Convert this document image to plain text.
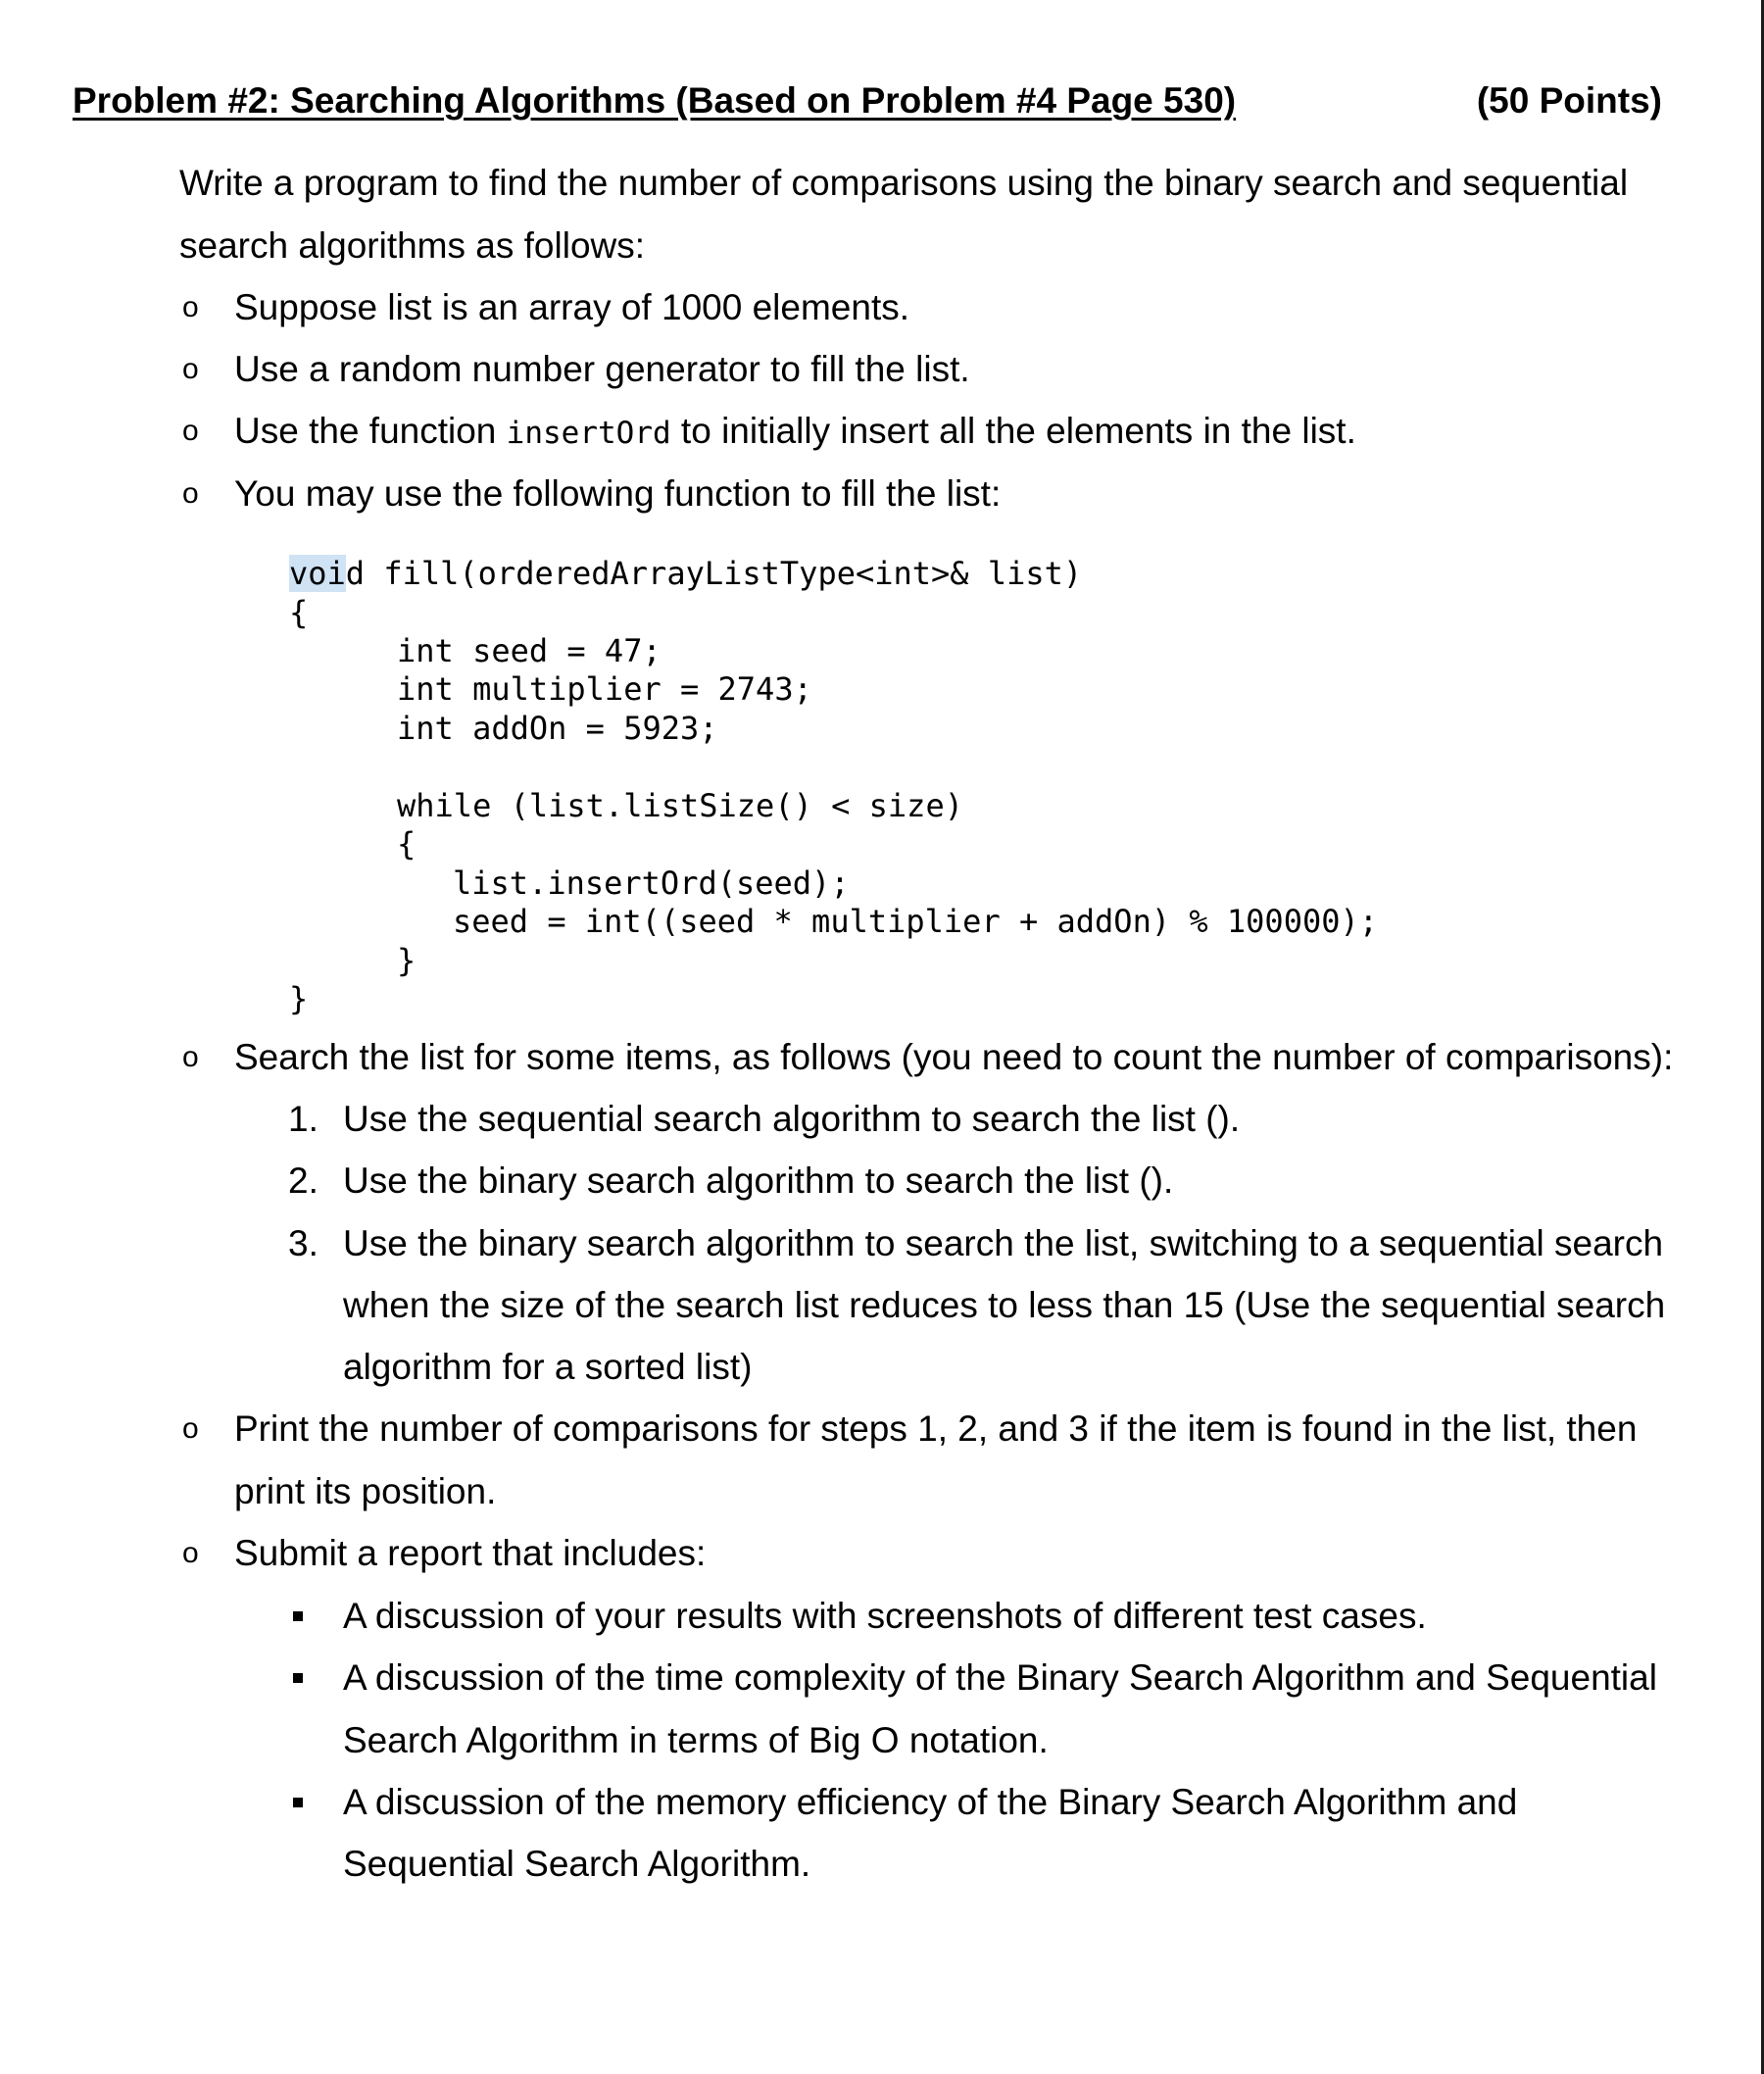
Problem #2: Searching Algorithms (Based on Problem #4 Page 530)	(50 Points)
Write a program to find the number of comparisons using the binary search and sequential
search algorithms as follows:
o Suppose list is an array of 1000 elements.
o Use a random number generator to fill the list.
o Use the function insertOrd to initially insert all the elements in the list.
o You may use the following function to fill the list:
void fill(orderedArrayListType<int>& list)
{
int seed = 47;
int multiplier = 2743;
int addOn = 5923;
while (list.listSize() < size)
{
list.insertOrd(seed);
seed = int((seed * multiplier + addOn) % 100000);
}
}
o Search the list for some items, as follows (you need to count the number of comparisons):
1. Use the sequential search algorithm to search the list ().
2. Use the binary search algorithm to search the list ().
3. Use the binary search algorithm to search the list, switching to a sequential search
when the size of the search list reduces to less than 15 (Use the sequential search
algorithm for a sorted list)
o Print the number of comparisons for steps 1, 2, and 3 if the item is found in the list, then
print its position.
o Submit a report that includes:
A discussion of your results with screenshots of different test cases.
A discussion of the time complexity of the Binary Search Algorithm and Sequential
Search Algorithm in terms of Big O notation.
A discussion of the memory efficiency of the Binary Search Algorithm and
Sequential Search Algorithm.
